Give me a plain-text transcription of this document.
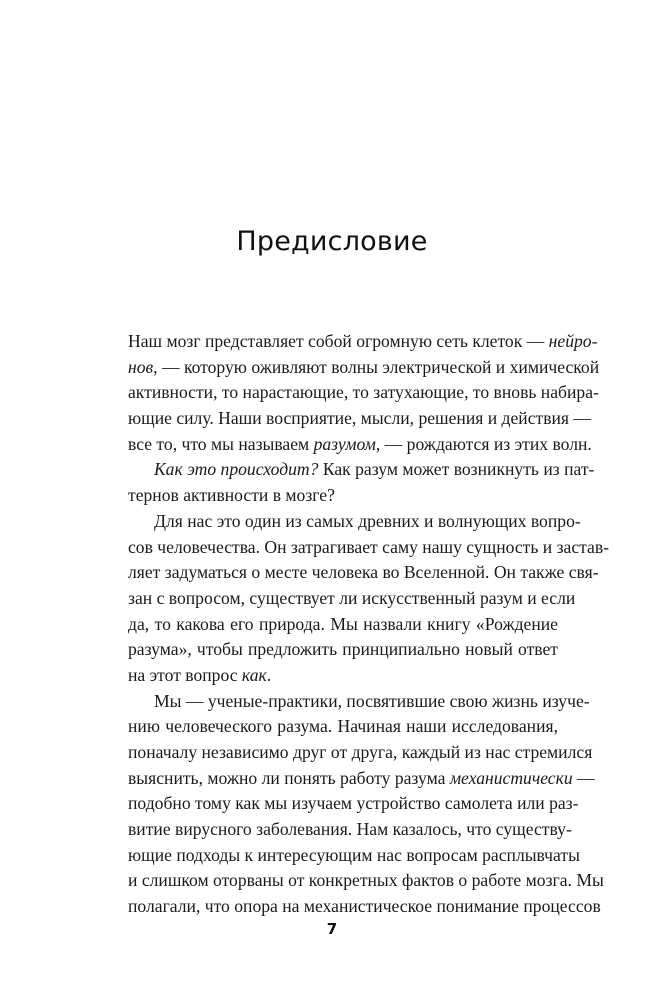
Предисловие
Наш мозг представляет собой огромную сеть клеток — нейро-
нов, — которую оживляют волны электрической и химической
активности, то нарастающие, то затухающие, то вновь набира-
ющие силу. Наши восприятие, мысли, решения и действия —
все то, что мы называем разумом, — рождаются из этих волн.
Как это происходит? Как разум может возникнуть из пат-
тернов активности в мозге?
Для нас это один из самых древних и волнующих вопро-
сов человечества. Он затрагивает саму нашу сущность и застав-
ляет задуматься о месте человека во Вселенной. Он также свя-
зан с вопросом, существует ли искусственный разум и если
да, то какова его природа. Мы назвали книгу «Рождение
разума», чтобы предложить принципиально новый ответ
на этот вопрос как.
Мы — ученые-практики, посвятившие свою жизнь изуче-
нию человеческого разума. Начиная наши исследования,
поначалу независимо друг от друга, каждый из нас стремился
выяснить, можно ли понять работу разума механистически —
подобно тому как мы изучаем устройство самолета или раз-
витие вирусного заболевания. Нам казалось, что существу-
ющие подходы к интересующим нас вопросам расплывчаты
и слишком оторваны от конкретных фактов о работе мозга. Мы
полагали, что опора на механистическое понимание процессов
7
